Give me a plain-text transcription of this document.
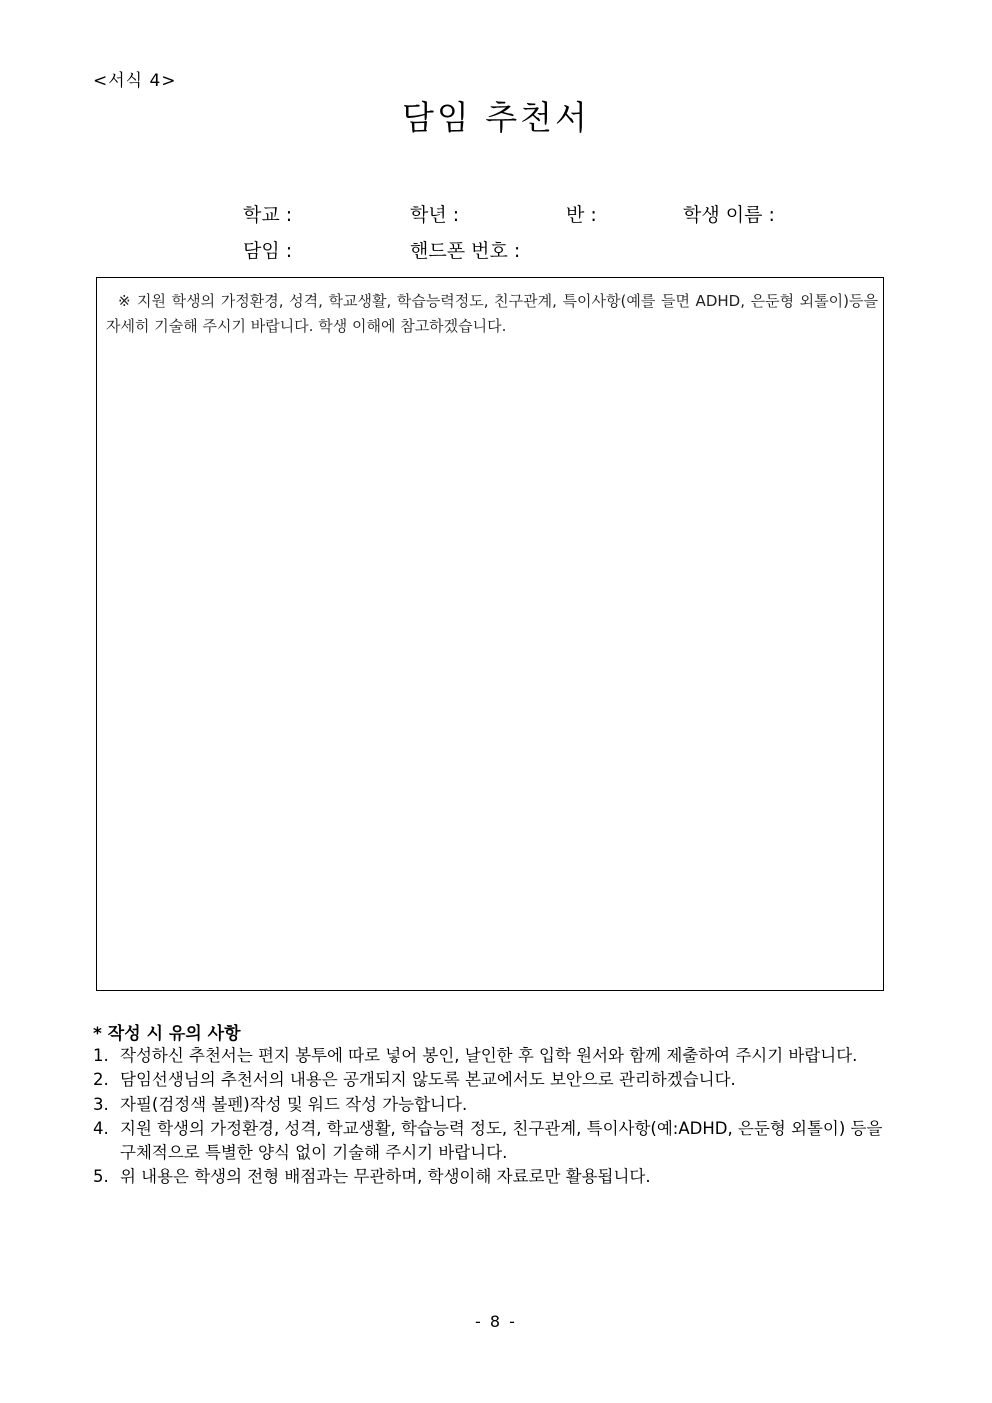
<서식 4>
담임 추천서
학교 :	학년 :	반 :	학생 이름 :
담임 :	핸드폰 번호 :
※ 지원 학생의 가정환경, 성격, 학교생활, 학습능력정도, 친구관계, 특이사항(예를 들면 ADHD, 은둔형 외톨이)등을 자세히 기술해 주시기 바랍니다. 학생 이해에 참고하겠습니다.
* 작성 시 유의 사항
1. 작성하신 추천서는 편지 봉투에 따로 넣어 봉인, 날인한 후 입학 원서와 함께 제출하여 주시기 바랍니다.
2. 담임선생님의 추천서의 내용은 공개되지 않도록 본교에서도 보안으로 관리하겠습니다.
3. 자필(검정색 볼펜)작성 및 워드 작성 가능합니다.
4. 지원 학생의 가정환경, 성격, 학교생활, 학습능력 정도, 친구관계, 특이사항(예:ADHD, 은둔형 외톨이) 등을 구체적으로 특별한 양식 없이 기술해 주시기 바랍니다.
5. 위 내용은 학생의 전형 배점과는 무관하며, 학생이해 자료로만 활용됩니다.
- 8 -
